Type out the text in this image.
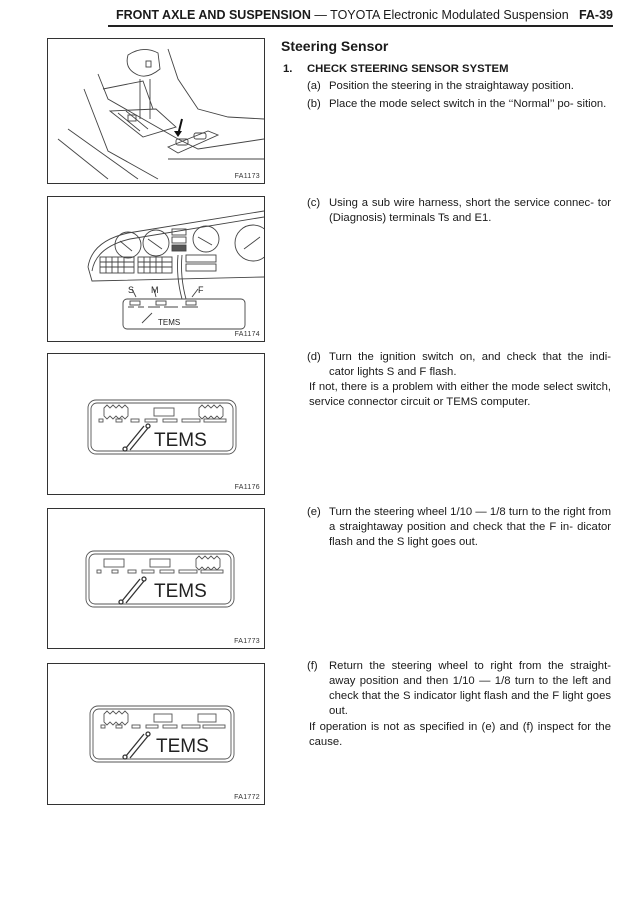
FRONT AXLE AND SUSPENSION — TOYOTA Electronic Modulated Suspension FA-39
FA1173
S M	F
TEMS
FA1174
TEMS
FA1176
TEMS
FA1773
TEMS
FA1772
Steering Sensor
1. CHECK STEERING SENSOR SYSTEM
(a) Position the steering in the straightaway position.
(b) Place the mode select switch in the ‘‘Normal’’ po- sition.
(c) Using a sub wire harness, short the service connec- tor (Diagnosis) terminals Ts and E1.
(d) Turn the ignition switch on, and check that the indi- cator lights S and F flash.
If not, there is a problem with either the mode select switch, service connector circuit or TEMS computer.
(e) Turn the steering wheel 1/10 — 1/8 turn to the right from a straightaway position and check that the F in- dicator flash and the S light goes out.
(f) Return the steering wheel to right from the straight- away position and then 1/10 — 1/8 turn to the left and check that the S indicator light flash and the F light goes out.
If operation is not as specified in (e) and (f) inspect for the cause.
